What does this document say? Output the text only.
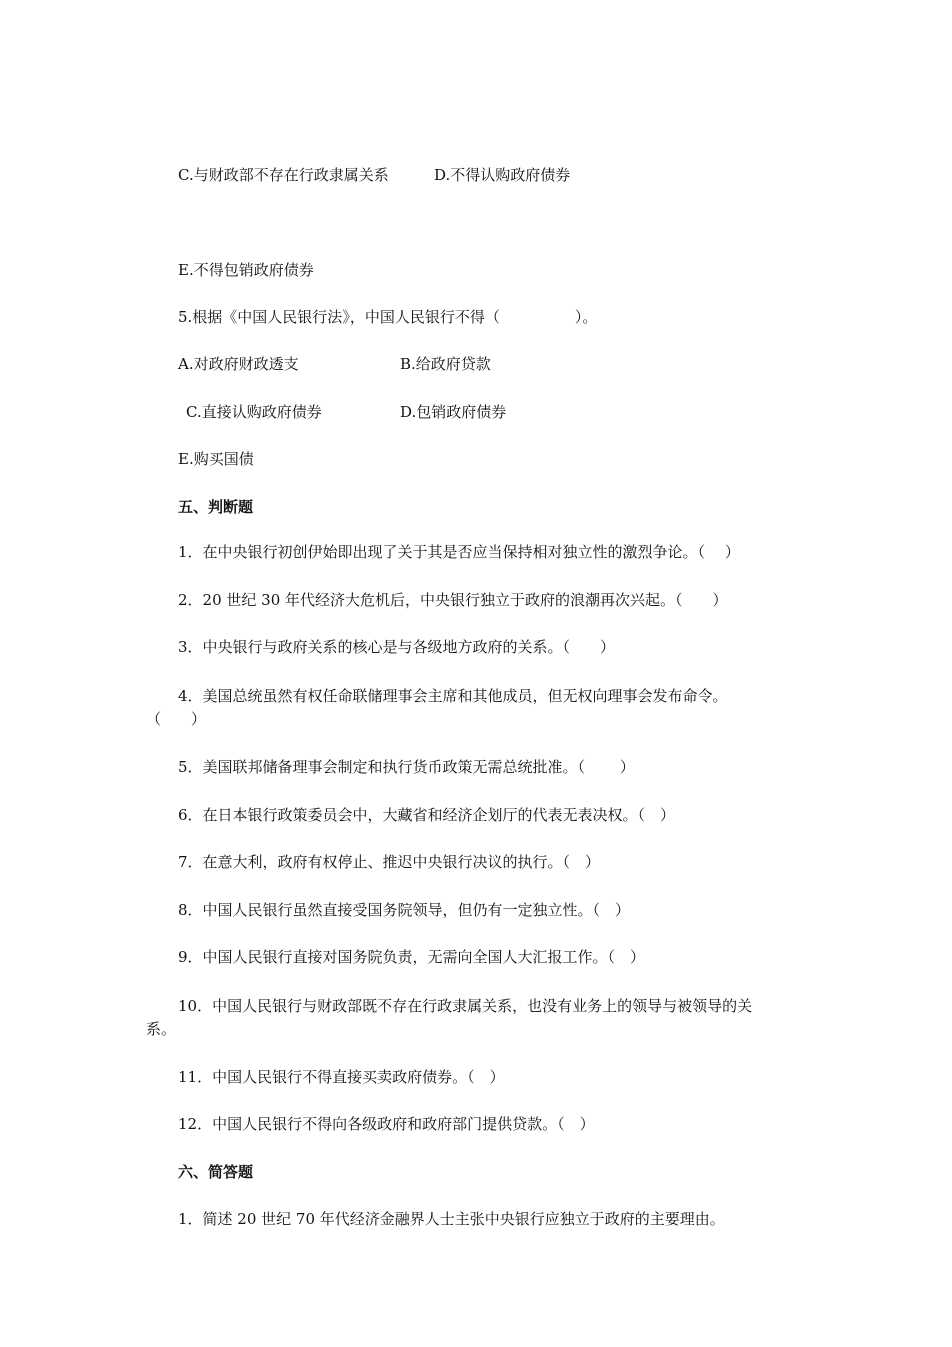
C.与财政部不存在行政隶属关系	D.不得认购政府债券
E.不得包销政府债券
5.根据《中国人民银行法》，中国人民银行不得（　　　　　）。
A.对政府财政透支	B.给政府贷款
C.直接认购政府债券	D.包销政府债券
E.购买国债
五、判断题
1．在中央银行初创伊始即出现了关于其是否应当保持相对独立性的激烈争论。（　 ）
2．20 世纪 30 年代经济大危机后，中央银行独立于政府的浪潮再次兴起。（　　）
3．中央银行与政府关系的核心是与各级地方政府的关系。（　　）
4．美国总统虽然有权任命联储理事会主席和其他成员，但无权向理事会发布命令。
（　　）
5．美国联邦储备理事会制定和执行货币政策无需总统批准。（　　 ）
6．在日本银行政策委员会中，大藏省和经济企划厅的代表无表决权。（　）
7．在意大利，政府有权停止、推迟中央银行决议的执行。（　）
8．中国人民银行虽然直接受国务院领导，但仍有一定独立性。（　）
9．中国人民银行直接对国务院负责，无需向全国人大汇报工作。（　）
10．中国人民银行与财政部既不存在行政隶属关系，也没有业务上的领导与被领导的关
系。
11．中国人民银行不得直接买卖政府债券。（　）
12．中国人民银行不得向各级政府和政府部门提供贷款。（　）
六、简答题
1．简述 20 世纪 70 年代经济金融界人士主张中央银行应独立于政府的主要理由。
